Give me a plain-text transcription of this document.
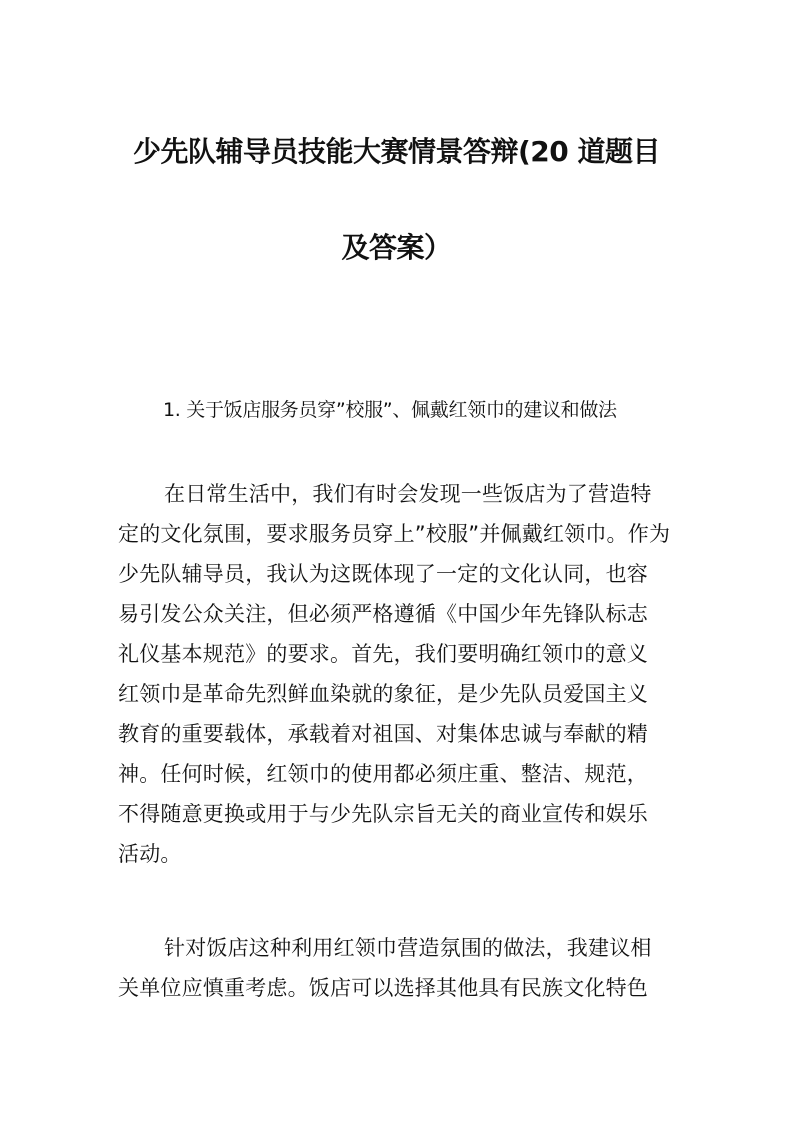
少先队辅导员技能大赛情景答辩(20 道题目
及答案）
1. 关于饭店服务员穿”校服”、佩戴红领巾的建议和做法
在日常生活中，我们有时会发现一些饭店为了营造特
定的文化氛围，要求服务员穿上”校服”并佩戴红领巾。作为
少先队辅导员，我认为这既体现了一定的文化认同，也容
易引发公众关注，但必须严格遵循《中国少年先锋队标志
礼仪基本规范》的要求。首先，我们要明确红领巾的意义
红领巾是革命先烈鲜血染就的象征，是少先队员爱国主义
教育的重要载体，承载着对祖国、对集体忠诚与奉献的精
神。任何时候，红领巾的使用都必须庄重、整洁、规范，
不得随意更换或用于与少先队宗旨无关的商业宣传和娱乐
活动。
针对饭店这种利用红领巾营造氛围的做法，我建议相
关单位应慎重考虑。饭店可以选择其他具有民族文化特色
